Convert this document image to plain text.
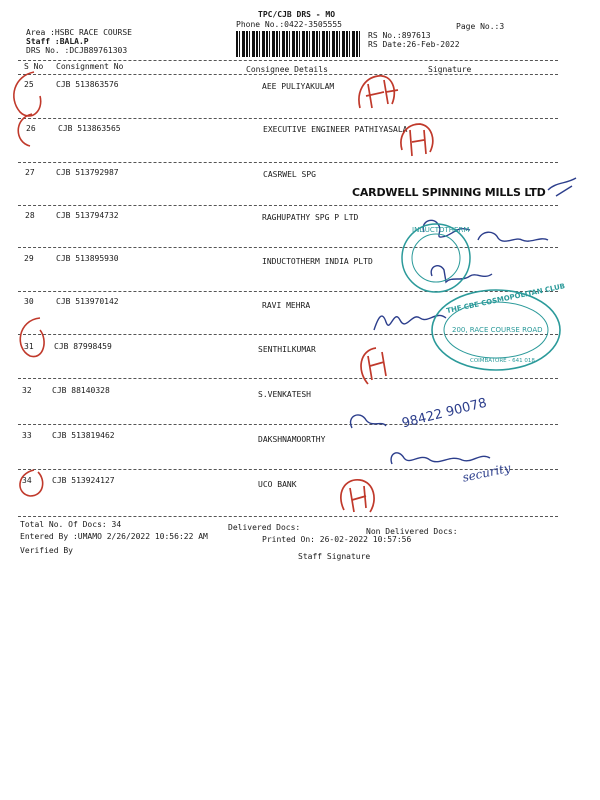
TPC/CJB DRS - MO
Phone No.:0422-3505555	Page No.:3
Area :HSBC RACE COURSE
Staff :BALA.P
DRS No. :DCJB89761303
RS No.:897613
RS Date:26-Feb-2022
S No Consignment No	Consignee Details	Signature
25	CJB 513863576	AEE PULIYAKULAM
26	CJB 513863565	EXECUTIVE ENGINEER PATHIYASALA
27	CJB 513792987	CASRWEL SPG
28	CJB 513794732	RAGHUPATHY SPG P LTD
29	CJB 513895930	INDUCTOTHERM INDIA PLTD
30	CJB 513970142	RAVI MEHRA
31	CJB 87998459	SENTHILKUMAR
32	CJB 88140328	S.VENKATESH
33	CJB 513819462	DAKSHNAMOORTHY
34	CJB 513924127	UCO BANK
Total No. Of Docs: 34	Delivered Docs:	Non Delivered Docs:
Entered By :UMAMO 2/26/2022 10:56:22 AM	Printed On: 26-02-2022 10:57:56
Verified By
Staff Signature
CARDWELL SPINNING MILLS LTD
98422 90078
security
INDUCTOTHERM
THE CBE COSMOPOLITAN CLUB
200, RACE COURSE ROAD
COIMBATORE - 641 018
